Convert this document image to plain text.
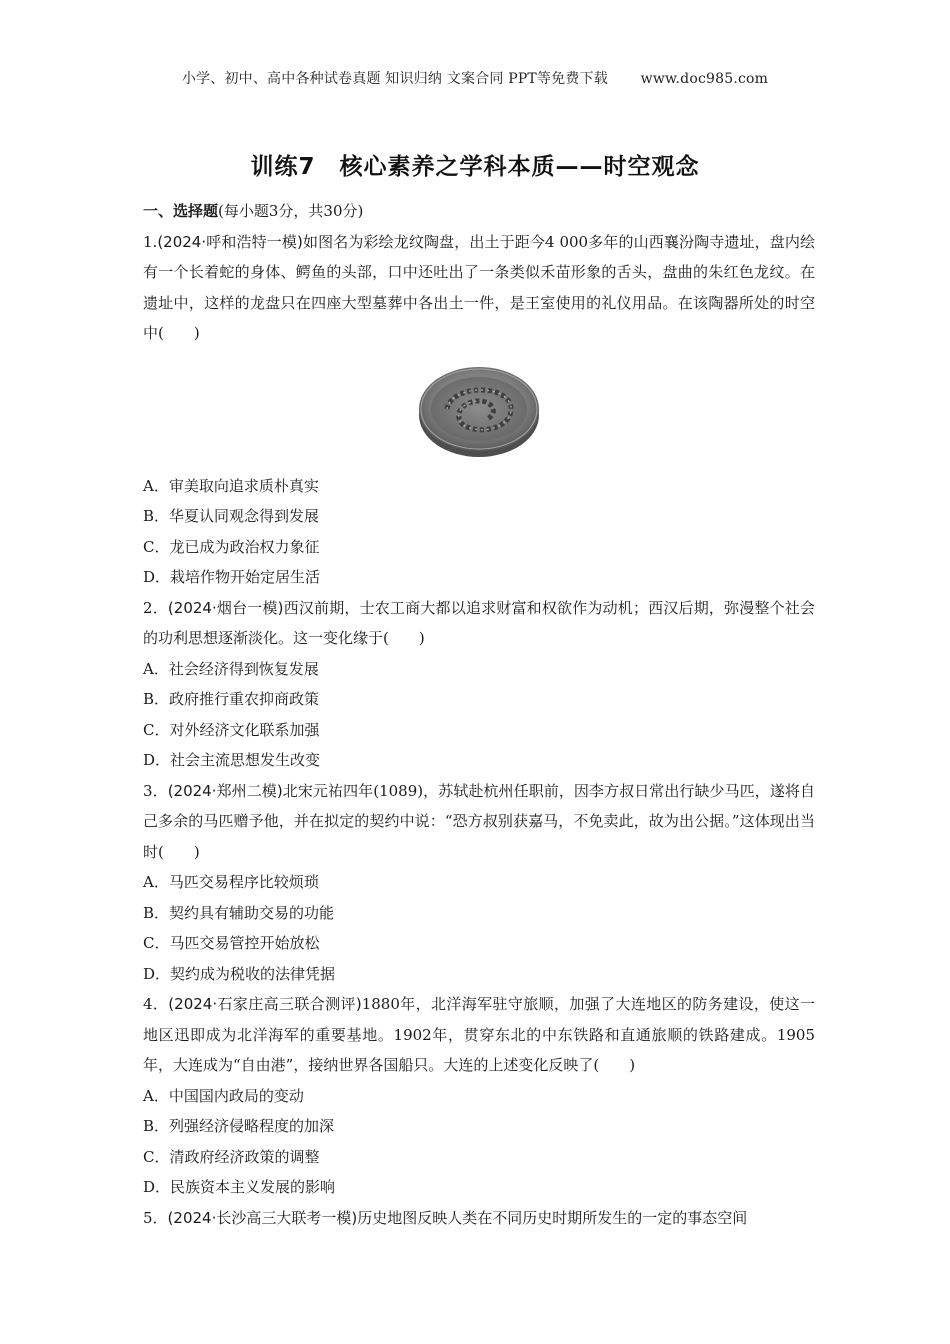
小学、初中、高中各种试卷真题 知识归纳 文案合同 PPT等免费下载 www.doc985.com
训练7　核心素养之学科本质——时空观念

一、选择题(每小题3分，共30分)

1.(2024·呼和浩特一模)如图名为彩绘龙纹陶盘，出土于距今4 000多年的山西襄汾陶寺遗址，盘内绘有一个长着蛇的身体、鳄鱼的头部，口中还吐出了一条类似禾苗形象的舌头，盘曲的朱红色龙纹。在遗址中，这样的龙盘只在四座大型墓葬中各出土一件，是王室使用的礼仪用品。在该陶器所处的时空中(　　)

A．审美取向追求质朴真实

B．华夏认同观念得到发展

C．龙已成为政治权力象征

D．栽培作物开始定居生活

2．(2024·烟台一模)西汉前期，士农工商大都以追求财富和权欲作为动机；西汉后期，弥漫整个社会的功利思想逐渐淡化。这一变化缘于(　　)

A．社会经济得到恢复发展

B．政府推行重农抑商政策

C．对外经济文化联系加强

D．社会主流思想发生改变

3．(2024·郑州二模)北宋元祐四年(1089)，苏轼赴杭州任职前，因李方叔日常出行缺少马匹，遂将自己多余的马匹赠予他，并在拟定的契约中说：“恐方叔别获嘉马，不免卖此，故为出公据。”这体现出当时(　　)

A．马匹交易程序比较烦琐

B．契约具有辅助交易的功能

C．马匹交易管控开始放松

D．契约成为税收的法律凭据

4．(2024·石家庄高三联合测评)1880年，北洋海军驻守旅顺，加强了大连地区的防务建设，使这一地区迅即成为北洋海军的重要基地。1902年，贯穿东北的中东铁路和直通旅顺的铁路建成。1905年，大连成为“自由港”，接纳世界各国船只。大连的上述变化反映了(　　)

A．中国国内政局的变动

B．列强经济侵略程度的加深

C．清政府经济政策的调整

D．民族资本主义发展的影响

5．(2024·长沙高三大联考一模)历史地图反映人类在不同历史时期所发生的一定的事态空间
